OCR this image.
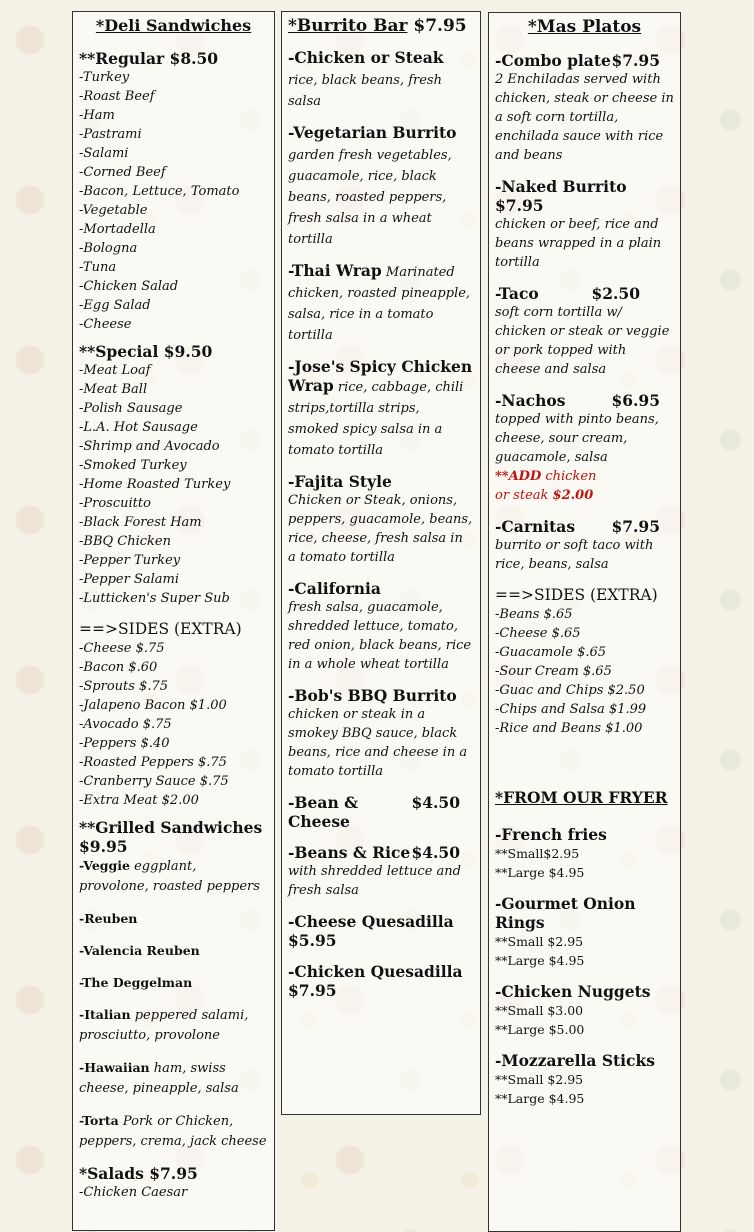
*Deli Sandwiches
**Regular $8.50
-Turkey
-Roast Beef
-Ham
-Pastrami
-Salami
-Corned Beef
-Bacon, Lettuce, Tomato
-Vegetable
-Mortadella
-Bologna
-Tuna
-Chicken Salad
-Egg Salad
-Cheese
**Special $9.50
-Meat Loaf
-Meat Ball
-Polish Sausage
-L.A. Hot Sausage
-Shrimp and Avocado
-Smoked Turkey
-Home Roasted Turkey
-Proscuitto
-Black Forest Ham
-BBQ Chicken
-Pepper Turkey
-Pepper Salami
-Lutticken's Super Sub
==>SIDES (EXTRA)
-Cheese $.75
-Bacon $.60
-Sprouts $.75
-Jalapeno Bacon $1.00
-Avocado $.75
-Peppers $.40
-Roasted Peppers $.75
-Cranberry Sauce $.75
-Extra Meat $2.00
**Grilled Sandwiches $9.95
-Veggie eggplant, provolone, roasted peppers
-Reuben
-Valencia Reuben
-The Deggelman
-Italian peppered salami, prosciutto, provolone
-Hawaiian ham, swiss cheese, pineapple, salsa
-Torta Pork or Chicken, peppers, crema, jack cheese
*Salads $7.95
-Chicken Caesar
*Burrito Bar $7.95
-Chicken or Steak rice, black beans, fresh salsa
-Vegetarian Burrito garden fresh vegetables, guacamole, rice, black beans, roasted peppers, fresh salsa in a wheat tortilla
-Thai Wrap Marinated chicken, roasted pineapple, salsa, rice in a tomato tortilla
-Jose's Spicy Chicken Wrap rice, cabbage, chili strips,tortilla strips, smoked spicy salsa in a tomato tortilla
-Fajita Style
Chicken or Steak, onions, peppers, guacamole, beans, rice, cheese, fresh salsa in a tomato tortilla
-California
fresh salsa, guacamole, shredded lettuce, tomato, red onion, black beans, rice in a whole wheat tortilla
-Bob's BBQ Burrito
chicken or steak in a smokey BBQ sauce, black beans, rice and cheese in a tomato tortilla
-Bean & Cheese
$4.50
-Beans & Rice $4.50
with shredded lettuce and fresh salsa
-Cheese Quesadilla
$5.95
-Chicken Quesadilla
$7.95
*Mas Platos
-Combo plate $7.95
2 Enchiladas served with chicken, steak or cheese in a soft corn tortilla, enchilada sauce with rice and beans
-Naked Burrito $7.95
chicken or beef, rice and beans wrapped in a plain tortilla
-Taco	$2.50
soft corn tortilla w/ chicken or steak or veggie or pork topped with cheese and salsa
-Nachos	$6.95
topped with pinto beans, cheese, sour cream, guacamole, salsa
**ADD chicken or steak $2.00
-Carnitas $7.95
burrito or soft taco with rice, beans, salsa
==>SIDES (EXTRA)
-Beans $.65
-Cheese $.65
-Guacamole $.65
-Sour Cream $.65
-Guac and Chips $2.50
-Chips and Salsa $1.99
-Rice and Beans $1.00
*FROM OUR FRYER
-French fries
**Small$2.95
**Large $4.95
-Gourmet Onion Rings
**Small $2.95
**Large $4.95
-Chicken Nuggets
**Small $3.00
**Large $5.00
-Mozzarella Sticks
**Small $2.95
**Large $4.95
